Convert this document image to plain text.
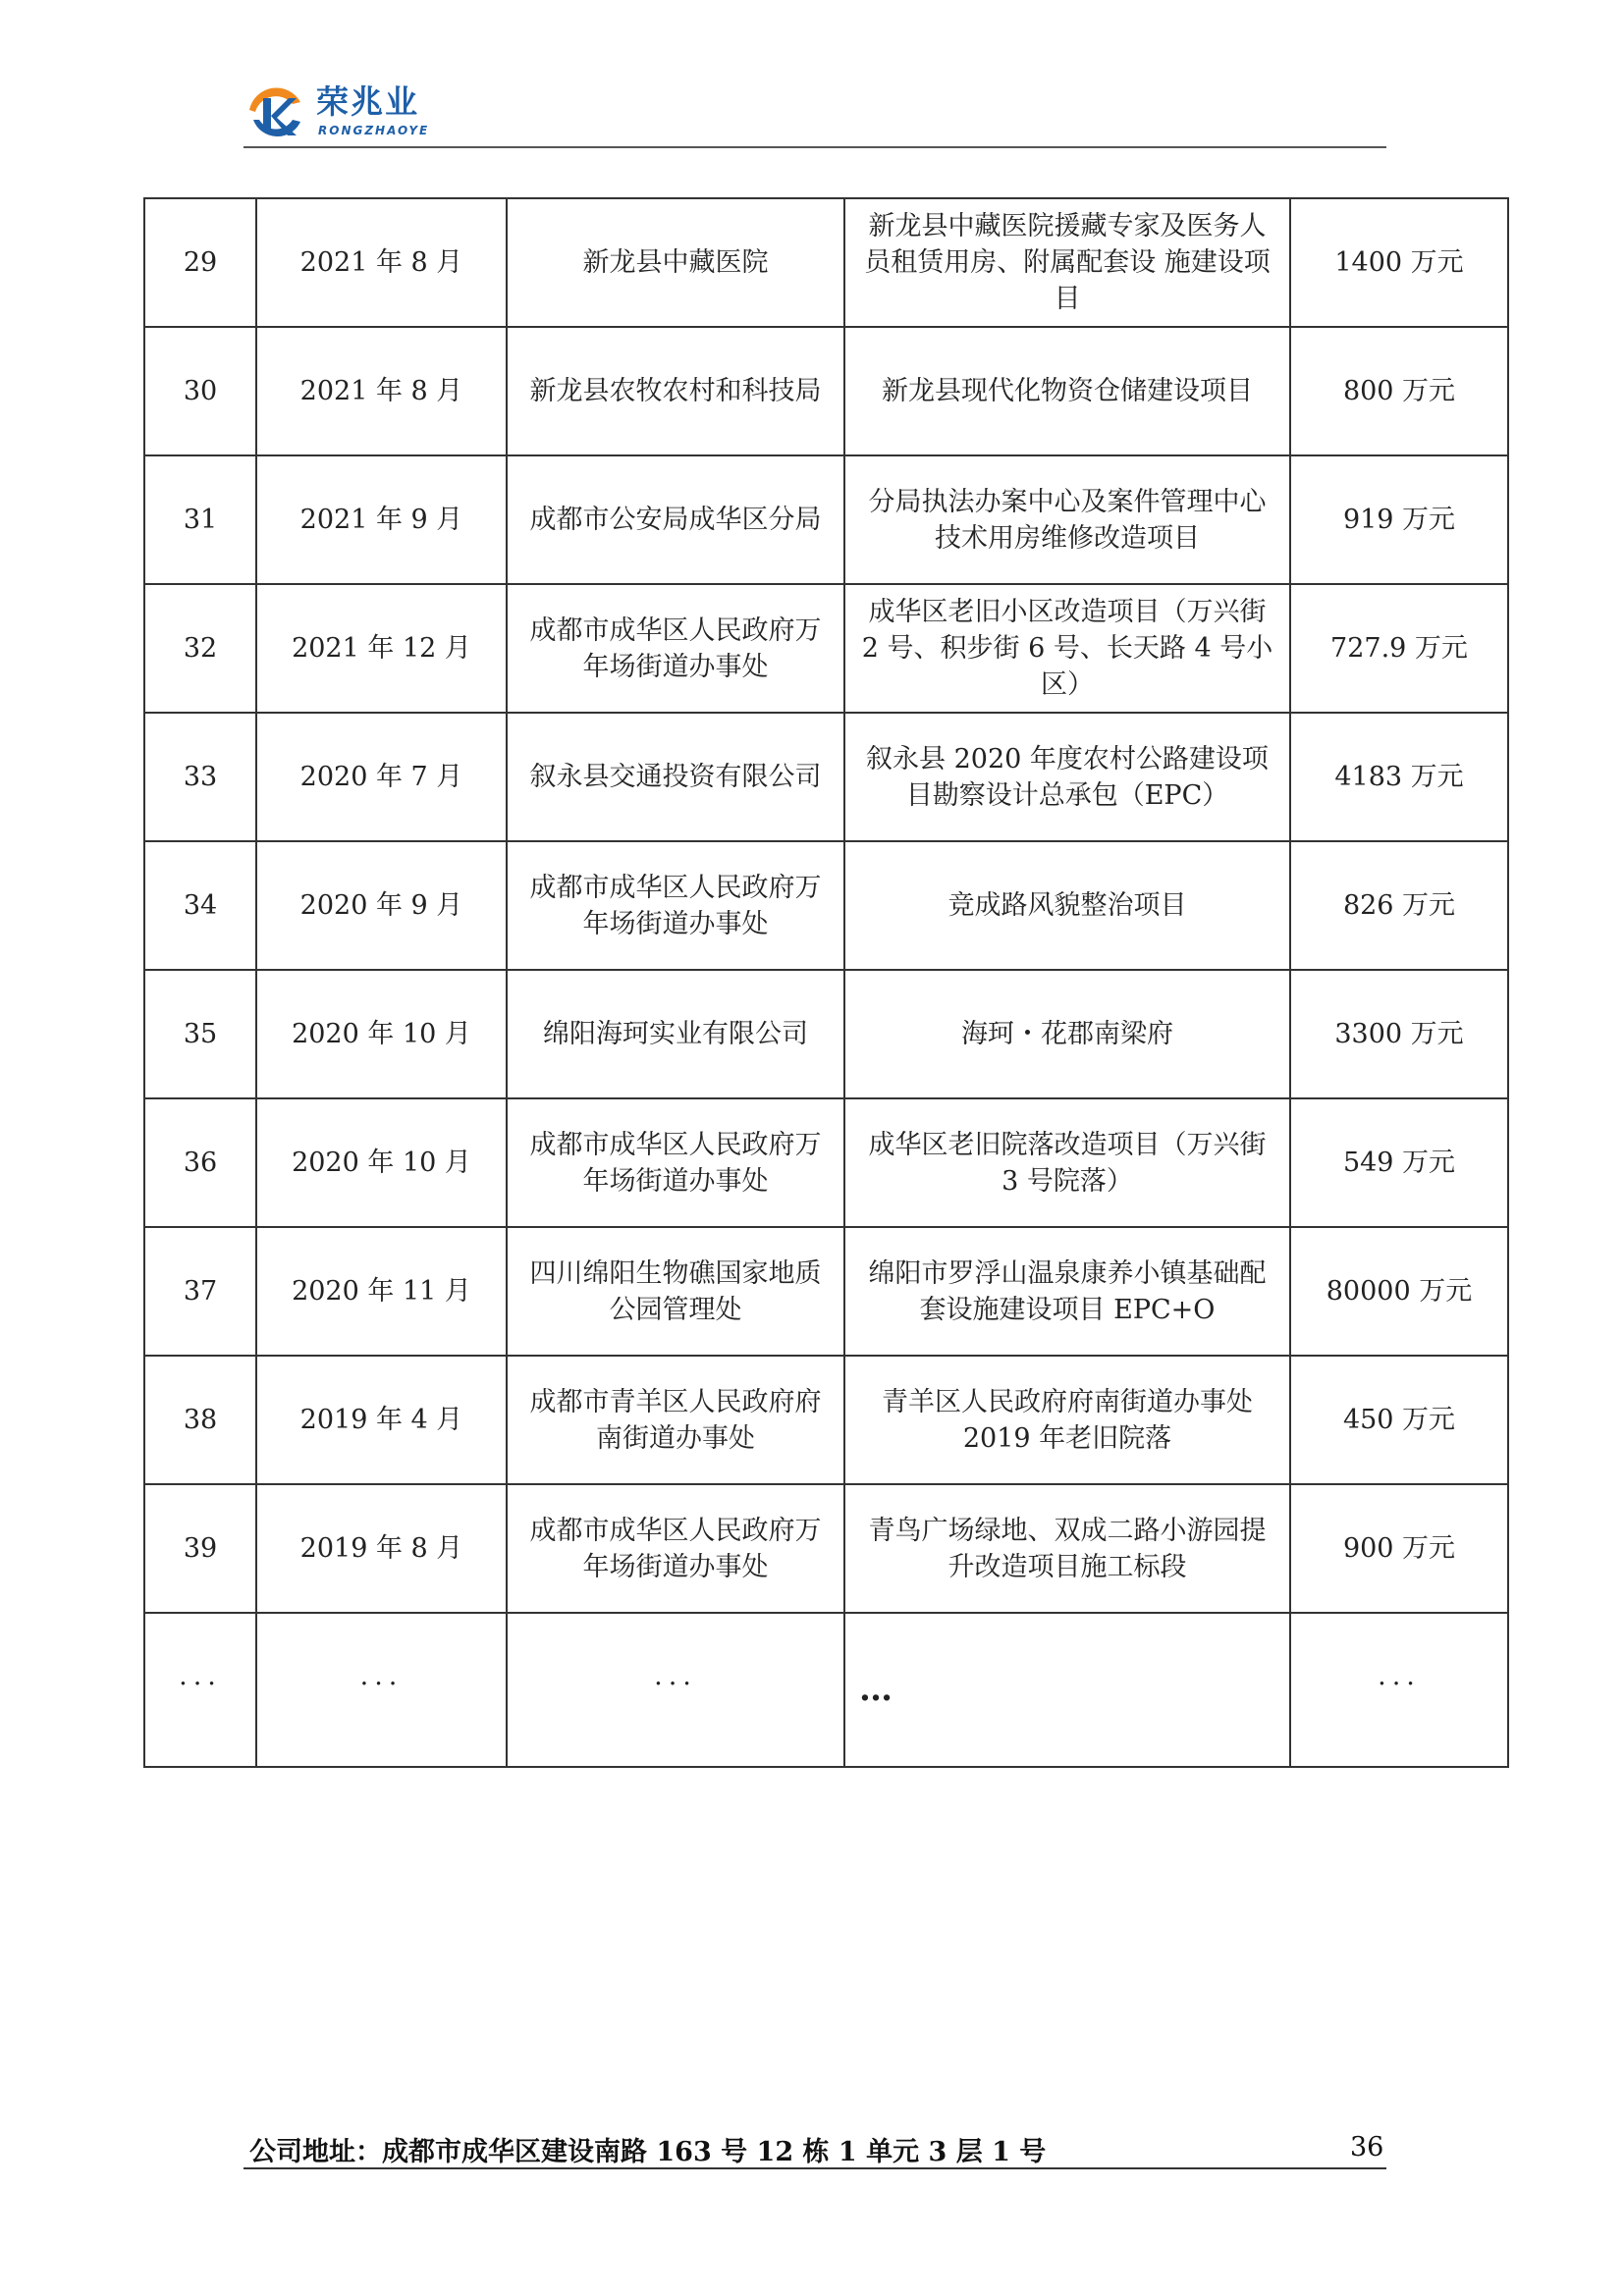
荣兆业
RONGZHAOYE
29	2021 年 8 月	新龙县中藏医院	新龙县中藏医院援藏专家及医务人员租赁用房、附属配套设 施建设项目	1400 万元
30	2021 年 8 月	新龙县农牧农村和科技局	新龙县现代化物资仓储建设项目	800 万元
31	2021 年 9 月	成都市公安局成华区分局	分局执法办案中心及案件管理中心技术用房维修改造项目	919 万元
32	2021 年 12 月	成都市成华区人民政府万年场街道办事处	成华区老旧小区改造项目（万兴街 2 号、积步街 6 号、长天路 4 号小区）	727.9 万元
33	2020 年 7 月	叙永县交通投资有限公司	叙永县 2020 年度农村公路建设项目勘察设计总承包（EPC）	4183 万元
34	2020 年 9 月	成都市成华区人民政府万年场街道办事处	竞成路风貌整治项目	826 万元
35	2020 年 10 月	绵阳海珂实业有限公司	海珂・花郡南梁府	3300 万元
36	2020 年 10 月	成都市成华区人民政府万年场街道办事处	成华区老旧院落改造项目（万兴街 3 号院落）	549 万元
37	2020 年 11 月	四川绵阳生物礁国家地质公园管理处	绵阳市罗浮山温泉康养小镇基础配套设施建设项目 EPC+O	80000 万元
38	2019 年 4 月	成都市青羊区人民政府府南街道办事处	青羊区人民政府府南街道办事处 2019 年老旧院落	450 万元
39	2019 年 8 月	成都市成华区人民政府万年场街道办事处	青鸟广场绿地、双成二路小游园提升改造项目施工标段	900 万元
...	...	...	…	...
公司地址：成都市成华区建设南路 163 号 12 栋 1 单元 3 层 1 号	36
